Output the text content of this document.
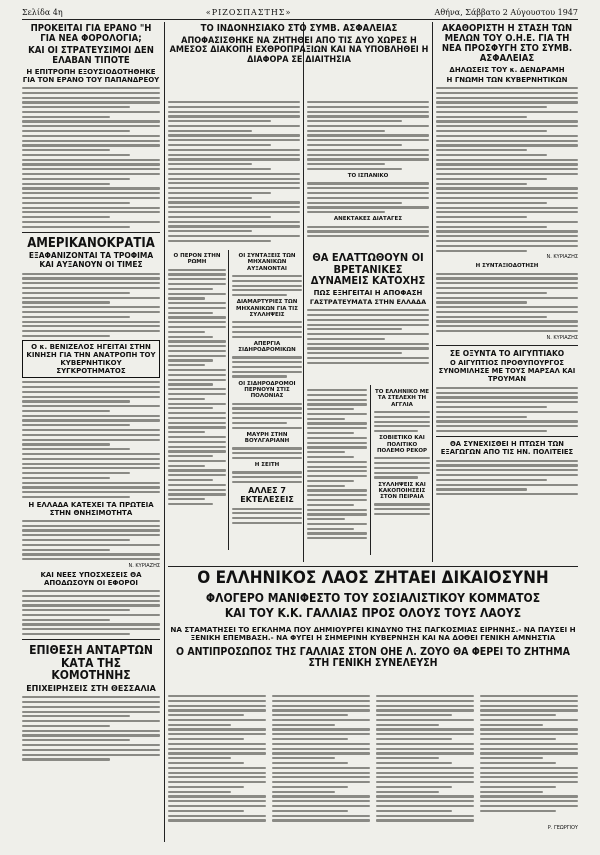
Σελίδα 4η	«ΡΙΖΟΣΠΑΣΤΗΣ»	Αθήνα, Σάββατο 2 Αύγουστου 1947

ΠΡΟΚΕΙΤΑΙ ΓΙΑ ΕΡΑΝΟ "Η ΓΙΑ ΝΕΑ ΦΟΡΟΛΟΓΙΑ;

ΚΑΙ ΟΙ ΣΤΡΑΤΕΥΣΙΜΟΙ ΔΕΝ ΕΛΑΒΑΝ ΤΙΠΟΤΕ

Η ΕΠΙΤΡΟΠΗ ΕΞΟΥΣΙΟΔΟΤΗΘΗΚΕ ΓΙΑ ΤΟΝ ΕΡΑΝΟ ΤΟΥ ΠΑΠΑΝΔΡΕΟΥ

ΑΜΕΡΙΚΑΝΟΚΡΑΤΙΑ

ΕΞΑΦΑΝΙΖΟΝΤΑΙ ΤΑ ΤΡΟΦΙΜΑ ΚΑΙ ΑΥΞΑΝΟΥΝ ΟΙ ΤΙΜΕΣ

Ο κ. ΒΕΝΙΖΕΛΟΣ ΗΓΕΙΤΑΙ ΣΤΗΝ ΚΙΝΗΣΗ ΓΙΑ ΤΗΝ ΑΝΑΤΡΟΠΗ ΤΟΥ ΚΥΒΕΡΝΗΤΙΚΟΥ ΣΥΓΚΡΟΤΗΜΑΤΟΣ

Η ΕΛΛΑΔΑ ΚΑΤΕΧΕΙ ΤΑ ΠΡΩΤΕΙΑ ΣΤΗΝ ΘΝΗΣΙΜΟΤΗΤΑ

Ν. ΚΥΡΙΑΖΗΣ

ΚΑΙ ΝΕΕΣ ΥΠΟΣΧΕΣΕΙΣ ΘΑ ΑΠΟΔΩΣΟΥΝ ΟΙ ΕΦΟΡΟΙ

ΕΠΙΘΕΣΗ ΑΝΤΑΡΤΩΝ ΚΑΤΑ ΤΗΣ ΚΟΜΟΤΗΝΗΣ

ΕΠΙΧΕΙΡΗΣΕΙΣ ΣΤΗ ΘΕΣΣΑΛΙΑ

ΤΟ ΙΝΔΟΝΗΣΙΑΚΟ ΣΤΟ ΣΥΜΒ. ΑΣΦΑΛΕΙΑΣ

ΑΠΟΦΑΣΙΣΘΗΚΕ ΝΑ ΖΗΤΗΘΕΙ ΑΠΟ ΤΙΣ ΔΥΟ ΧΩΡΕΣ Η ΑΜΕΣΟΣ ΔΙΑΚΟΠΗ ΕΧΘΡΟΠΡΑΞΙΩΝ ΚΑΙ ΝΑ ΥΠΟΒΛΗΘΕΙ Η ΔΙΑΦΟΡΑ ΣΕ ΔΙΑΙΤΗΣΙΑ

ΤΟ ΙΣΠΑΝΙΚΟ

ΑΝΕΚΤΑΚΕΣ ΔΙΑΤΑΓΕΣ

Ο ΠΕΡΟΝ ΣΤΗΝ ΡΩΜΗ

ΟΙ ΣΥΝΤΑΞΕΙΣ ΤΩΝ ΜΗΧΑΝΙΚΩΝ ΑΥΞΑΝΟΝΤΑΙ

ΔΙΑΜΑΡΤΥΡΙΕΣ ΤΩΝ ΜΗΧΑΝΙΚΩΝ ΓΙΑ ΤΙΣ ΣΥΛΛΗΨΕΙΣ

ΑΠΕΡΓΙΑ ΣΙΔΗΡΟΔΡΟΜΙΚΩΝ

ΟΙ ΣΙΔΗΡΟΔΡΟΜΟΙ ΠΕΡΝΟΥΝ ΣΤΙΣ ΠΟΛΟΝΙΑΣ

ΜΑΥΡΗ ΣΤΗΝ ΒΟΥΛΓΑΡΙΑΝΗ

Η ΣΕΙΤΗ

ΑΛΛΕΣ 7 ΕΚΤΕΛΕΣΕΙΣ

ΘΑ ΕΛΑΤΤΩΘΟΥΝ ΟΙ ΒΡΕΤΑΝΙΚΕΣ ΔΥΝΑΜΕΙΣ ΚΑΤΟΧΗΣ

ΠΩΣ ΕΞΗΓΕΙΤΑΙ Η ΑΠΟΦΑΣΗ

ΓΑΣΤΡΑΤΕΥΜΑΤΑ ΣΤΗΝ ΕΛΛΑΔΑ

ΤΟ ΕΛΛΗΝΙΚΟ ΜΕ ΤΑ ΣΤΕΛΕΧΗ ΤΗ ΑΓΓΛΙΑ

ΣΟΒΙΕΤΙΚΟ ΚΑΙ ΠΟΛΙΤΙΚΟ ΠΟΛΕΜΟ ΡΕΚΟΡ

ΣΥΛΛΗΨΕΙΣ ΚΑΙ ΚΑΚΟΠΟΙΗΣΕΙΣ ΣΤΟΝ ΠΕΙΡΑΙΑ

ΑΚΑΘΟΡΙΣΤΗ Η ΣΤΑΣΗ ΤΩΝ ΜΕΛΩΝ ΤΟΥ Ο.Η.Ε. ΓΙΑ ΤΗ ΝΕΑ ΠΡΟΣΦΥΓΗ ΣΤΟ ΣΥΜΒ. ΑΣΦΑΛΕΙΑΣ

ΔΗΛΩΣΕΙΣ ΤΟΥ κ. ΔΕΝΔΡΑΜΗ

Η ΓΝΩΜΗ ΤΩΝ ΚΥΒΕΡΝΗΤΙΚΩΝ

Ν. ΚΥΡΙΑΖΗΣ

Η ΣΥΝΤΑΞΙΟΔΟΤΗΣΗ

Ν. ΚΥΡΙΑΖΗΣ

ΣΕ ΟΞΥΝΤΑ ΤΟ ΑΙΓΥΠΤΙΑΚΟ

Ο ΑΙΓΥΠΤΙΟΣ ΠΡΟΘΥΠΟΥΡΓΟΣ ΣΥΝΟΜΙΛΗΣΕ ΜΕ ΤΟΥΣ ΜΑΡΣΑΛ ΚΑΙ ΤΡΟΥΜΑΝ

ΘΑ ΣΥΝΕΧΙΣΘΕΙ Η ΠΤΩΣΗ ΤΩΝ ΕΞΑΓΩΓΩΝ ΑΠΟ ΤΙΣ ΗΝ. ΠΟΛΙΤΕΙΕΣ

Ο ΕΛΛΗΝΙΚΟΣ ΛΑΟΣ ΖΗΤΑΕΙ ΔΙΚΑΙΟΣΥΝΗ

ΦΛΟΓΕΡΟ ΜΑΝΙΦΕΣΤΟ ΤΟΥ ΣΟΣΙΑΛΙΣΤΙΚΟΥ ΚΟΜΜΑΤΟΣ

ΚΑΙ ΤΟΥ Κ.Κ. ΓΑΛΛΙΑΣ ΠΡΟΣ ΟΛΟΥΣ ΤΟΥΣ ΛΑΟΥΣ

ΝΑ ΣΤΑΜΑΤΗΣΕΙ ΤΟ ΕΓΚΛΗΜΑ ΠΟΥ ΔΗΜΙΟΥΡΓΕΙ ΚΙΝΔΥΝΟ ΤΗΣ ΠΑΓΚΟΣΜΙΑΣ ΕΙΡΗΝΗΣ.- ΝΑ ΠΑΥΣΕΙ Η ΞΕΝΙΚΗ ΕΠΕΜΒΑΣΗ.- ΝΑ ΦΥΓΕΙ Η ΣΗΜΕΡΙΝΗ ΚΥΒΕΡΝΗΣΗ ΚΑΙ ΝΑ ΔΟΘΕΙ ΓΕΝΙΚΗ ΑΜΝΗΣΤΙΑ

Ο ΑΝΤΙΠΡΟΣΩΠΟΣ ΤΗΣ ΓΑΛΛΙΑΣ ΣΤΟΝ ΟΗΕ Λ. ΖΟΥΟ ΘΑ ΦΕΡΕΙ ΤΟ ΖΗΤΗΜΑ ΣΤΗ ΓΕΝΙΚΗ ΣΥΝΕΛΕΥΣΗ

Ρ. ΓΕΩΡΓΙΟΥ
